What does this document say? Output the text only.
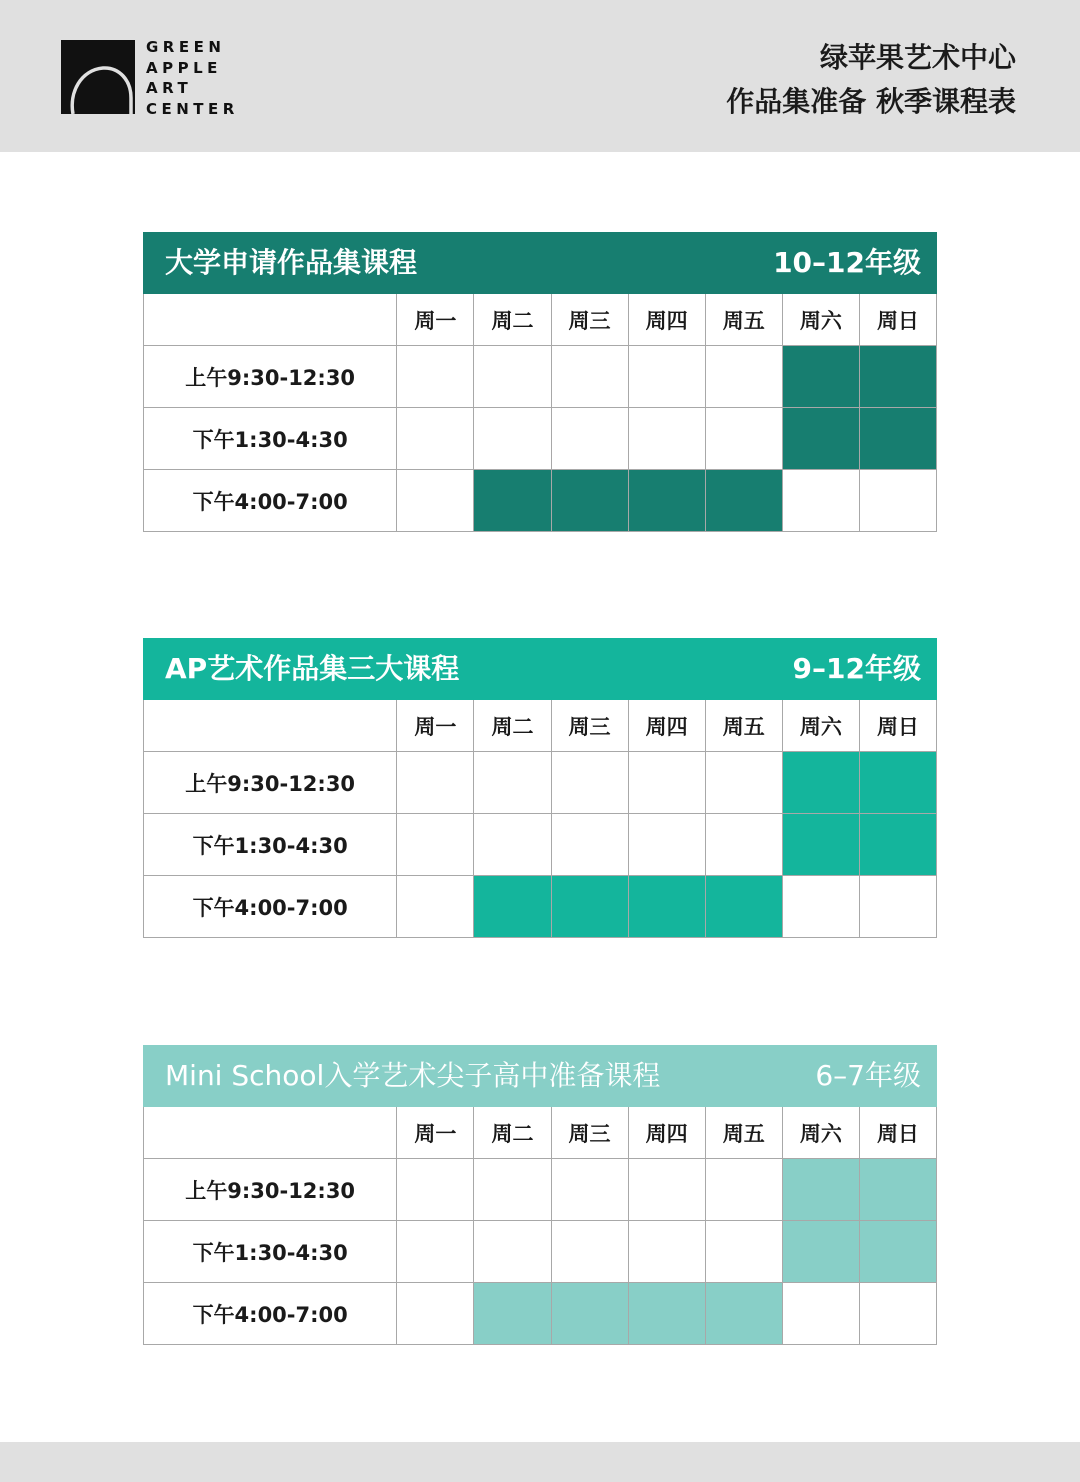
GREEN
APPLE
ART
CENTER
绿苹果艺术中心
作品集准备 秋季课程表
大学申请作品集课程	10–12年级
	周一	周二	周三	周四	周五	周六	周日
上午9:30-12:30							
下午1:30-4:30							
下午4:00-7:00							
AP艺术作品集三大课程	9–12年级
	周一	周二	周三	周四	周五	周六	周日
上午9:30-12:30							
下午1:30-4:30							
下午4:00-7:00							
Mini School入学艺术尖子高中准备课程	6–7年级
	周一	周二	周三	周四	周五	周六	周日
上午9:30-12:30							
下午1:30-4:30							
下午4:00-7:00							
